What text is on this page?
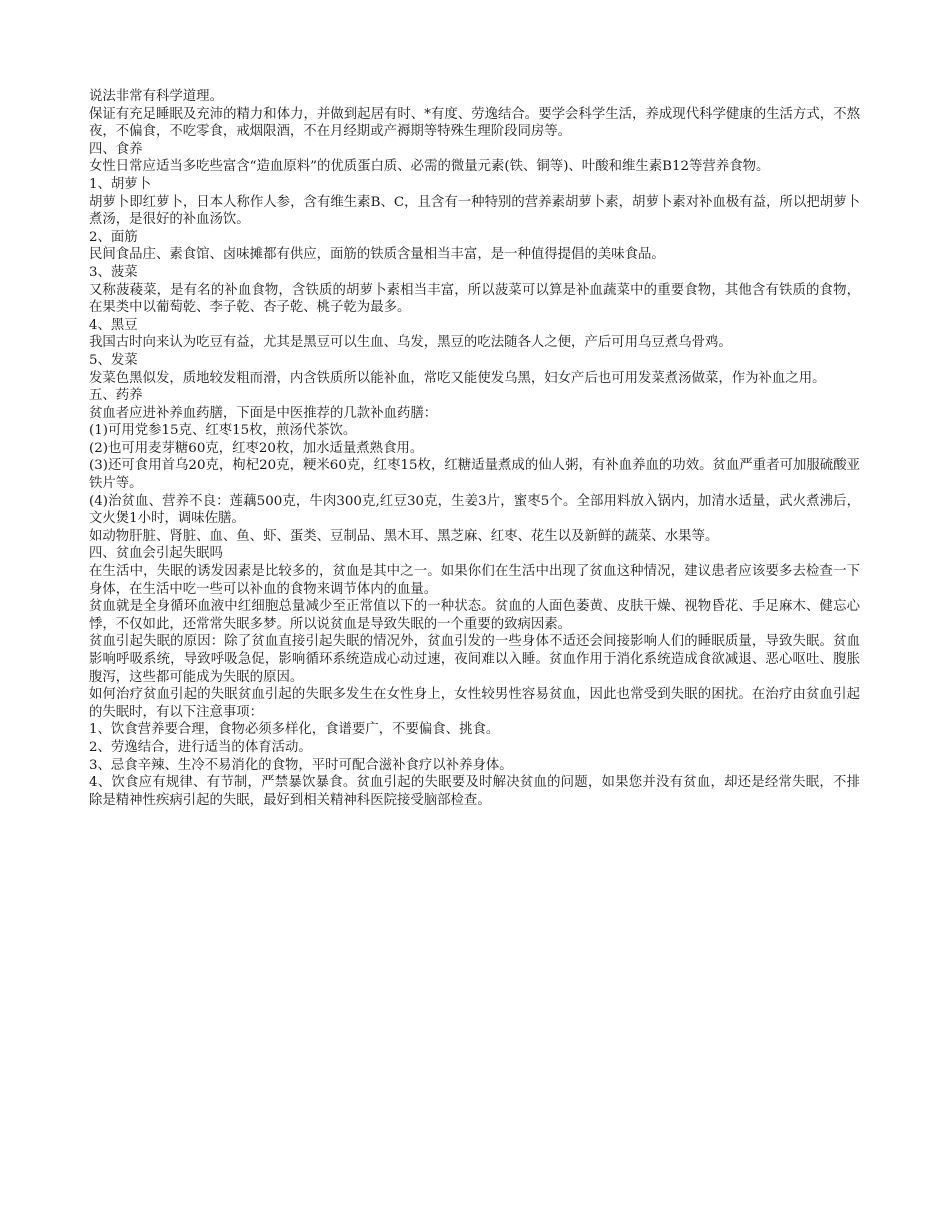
说法非常有科学道理。

保证有充足睡眠及充沛的精力和体力，并做到起居有时、*有度、劳逸结合。要学会科学生活，养成现代科学健康的生活方式，不熬夜，不偏食，不吃零食，戒烟限酒，不在月经期或产褥期等特殊生理阶段同房等。

四、食养

女性日常应适当多吃些富含“造血原料”的优质蛋白质、必需的微量元素(铁、铜等)、叶酸和维生素B12等营养食物。

1、胡萝卜

胡萝卜即红萝卜，日本人称作人参，含有维生素B、C，且含有一种特别的营养素胡萝卜素，胡萝卜素对补血极有益，所以把胡萝卜煮汤，是很好的补血汤饮。

2、面筋

民间食品庄、素食馆、卤味摊都有供应，面筋的铁质含量相当丰富，是一种值得提倡的美味食品。

3、菠菜

又称菠薐菜，是有名的补血食物，含铁质的胡萝卜素相当丰富，所以菠菜可以算是补血蔬菜中的重要食物，其他含有铁质的食物，在果类中以葡萄乾、李子乾、杏子乾、桃子乾为最多。

4、黑豆

我国古时向来认为吃豆有益，尤其是黑豆可以生血、乌发，黑豆的吃法随各人之便，产后可用乌豆煮乌骨鸡。

5、发菜

发菜色黑似发，质地较发粗而滑，内含铁质所以能补血，常吃又能使发乌黑，妇女产后也可用发菜煮汤做菜，作为补血之用。

五、药养

贫血者应进补养血药膳，下面是中医推荐的几款补血药膳：

(1)可用党参15克、红枣15枚，煎汤代茶饮。

(2)也可用麦芽糖60克，红枣20枚，加水适量煮熟食用。

(3)还可食用首乌20克，枸杞20克，粳米60克，红枣15枚，红糖适量煮成的仙人粥，有补血养血的功效。贫血严重者可加服硫酸亚铁片等。

(4)治贫血、营养不良：莲藕500克，牛肉300克,红豆30克，生姜3片，蜜枣5个。全部用料放入锅内，加清水适量，武火煮沸后，文火煲1小时，调味佐膳。

如动物肝脏、肾脏、血、鱼、虾、蛋类、豆制品、黑木耳、黑芝麻、红枣、花生以及新鲜的蔬菜、水果等。

四、贫血会引起失眠吗

在生活中，失眠的诱发因素是比较多的，贫血是其中之一。如果你们在生活中出现了贫血这种情况，建议患者应该要多去检查一下身体，在生活中吃一些可以补血的食物来调节体内的血量。

贫血就是全身循环血液中红细胞总量减少至正常值以下的一种状态。贫血的人面色萎黄、皮肤干燥、视物昏花、手足麻木、健忘心悸，不仅如此，还常常失眠多梦。所以说贫血是导致失眠的一个重要的致病因素。

贫血引起失眠的原因：除了贫血直接引起失眠的情况外，贫血引发的一些身体不适还会间接影响人们的睡眠质量，导致失眠。贫血影响呼吸系统，导致呼吸急促，影响循环系统造成心动过速，夜间难以入睡。贫血作用于消化系统造成食欲减退、恶心呕吐、腹胀腹泻，这些都可能成为失眠的原因。

如何治疗贫血引起的失眠贫血引起的失眠多发生在女性身上，女性较男性容易贫血，因此也常受到失眠的困扰。在治疗由贫血引起的失眠时，有以下注意事项：

1、饮食营养要合理，食物必须多样化，食谱要广，不要偏食、挑食。

2、劳逸结合，进行适当的体育活动。

3、忌食辛辣、生冷不易消化的食物，平时可配合滋补食疗以补养身体。

4、饮食应有规律、有节制，严禁暴饮暴食。贫血引起的失眠要及时解决贫血的问题，如果您并没有贫血，却还是经常失眠，不排除是精神性疾病引起的失眠，最好到相关精神科医院接受脑部检查。
